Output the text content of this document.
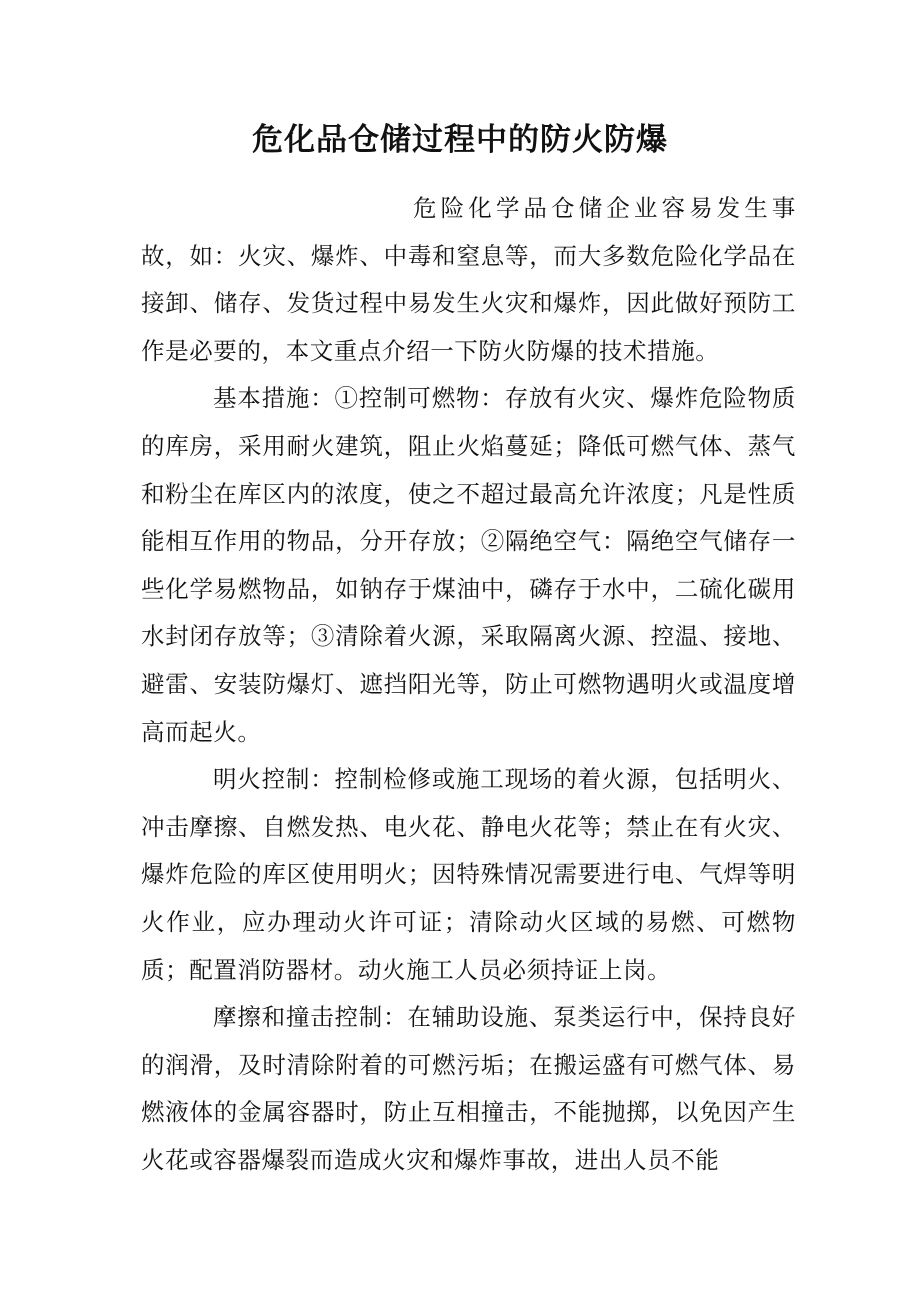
危化品仓储过程中的防火防爆

危险化学品仓储企业容易发生事故，如：火灾、爆炸、中毒和窒息等，而大多数危险化学品在接卸、储存、发货过程中易发生火灾和爆炸，因此做好预防工作是必要的，本文重点介绍一下防火防爆的技术措施。

基本措施：①控制可燃物：存放有火灾、爆炸危险物质的库房，采用耐火建筑，阻止火焰蔓延；降低可燃气体、蒸气和粉尘在库区内的浓度，使之不超过最高允许浓度；凡是性质能相互作用的物品，分开存放；②隔绝空气：隔绝空气储存一些化学易燃物品，如钠存于煤油中，磷存于水中，二硫化碳用水封闭存放等；③清除着火源，采取隔离火源、控温、接地、避雷、安装防爆灯、遮挡阳光等，防止可燃物遇明火或温度增高而起火。

明火控制：控制检修或施工现场的着火源，包括明火、冲击摩擦、自燃发热、电火花、静电火花等；禁止在有火灾、爆炸危险的库区使用明火；因特殊情况需要进行电、气焊等明火作业，应办理动火许可证；清除动火区域的易燃、可燃物质；配置消防器材。动火施工人员必须持证上岗。

摩擦和撞击控制：在辅助设施、泵类运行中，保持良好的润滑，及时清除附着的可燃污垢；在搬运盛有可燃气体、易燃液体的金属容器时，防止互相撞击，不能抛掷，以免因产生火花或容器爆裂而造成火灾和爆炸事故，进出人员不能
